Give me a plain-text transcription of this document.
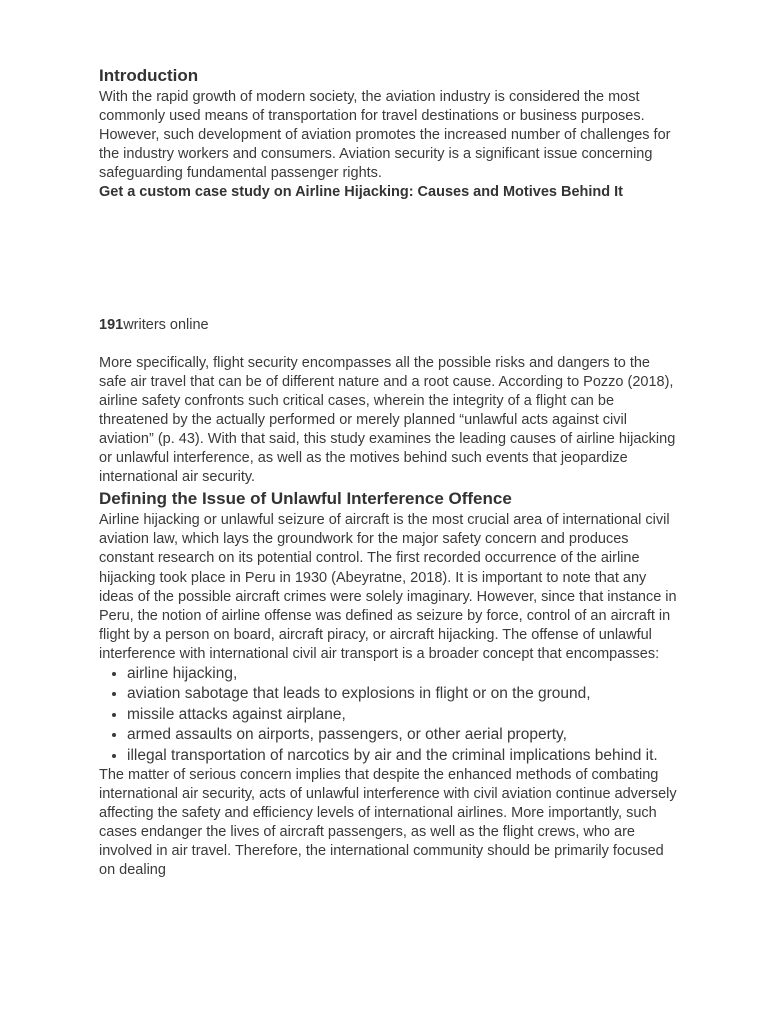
Introduction

With the rapid growth of modern society, the aviation industry is considered the most commonly used means of transportation for travel destinations or business purposes. However, such development of aviation promotes the increased number of challenges for the industry workers and consumers. Aviation security is a significant issue concerning safeguarding fundamental passenger rights.

Get a custom case study on Airline Hijacking: Causes and Motives Behind It

191writers online

More specifically, flight security encompasses all the possible risks and dangers to the safe air travel that can be of different nature and a root cause. According to Pozzo (2018), airline safety confronts such critical cases, wherein the integrity of a flight can be threatened by the actually performed or merely planned “unlawful acts against civil aviation” (p. 43). With that said, this study examines the leading causes of airline hijacking or unlawful interference, as well as the motives behind such events that jeopardize international air security.

Defining the Issue of Unlawful Interference Offence

Airline hijacking or unlawful seizure of aircraft is the most crucial area of international civil aviation law, which lays the groundwork for the major safety concern and produces constant research on its potential control. The first recorded occurrence of the airline hijacking took place in Peru in 1930 (Abeyratne, 2018). It is important to note that any ideas of the possible aircraft crimes were solely imaginary. However, since that instance in Peru, the notion of airline offense was defined as seizure by force, control of an aircraft in flight by a person on board, aircraft piracy, or aircraft hijacking. The offense of unlawful interference with international civil air transport is a broader concept that encompasses:

• airline hijacking,
• aviation sabotage that leads to explosions in flight or on the ground,
• missile attacks against airplane,
• armed assaults on airports, passengers, or other aerial property,
• illegal transportation of narcotics by air and the criminal implications behind it.

The matter of serious concern implies that despite the enhanced methods of combating international air security, acts of unlawful interference with civil aviation continue adversely affecting the safety and efficiency levels of international airlines. More importantly, such cases endanger the lives of aircraft passengers, as well as the flight crews, who are involved in air travel. Therefore, the international community should be primarily focused on dealing
